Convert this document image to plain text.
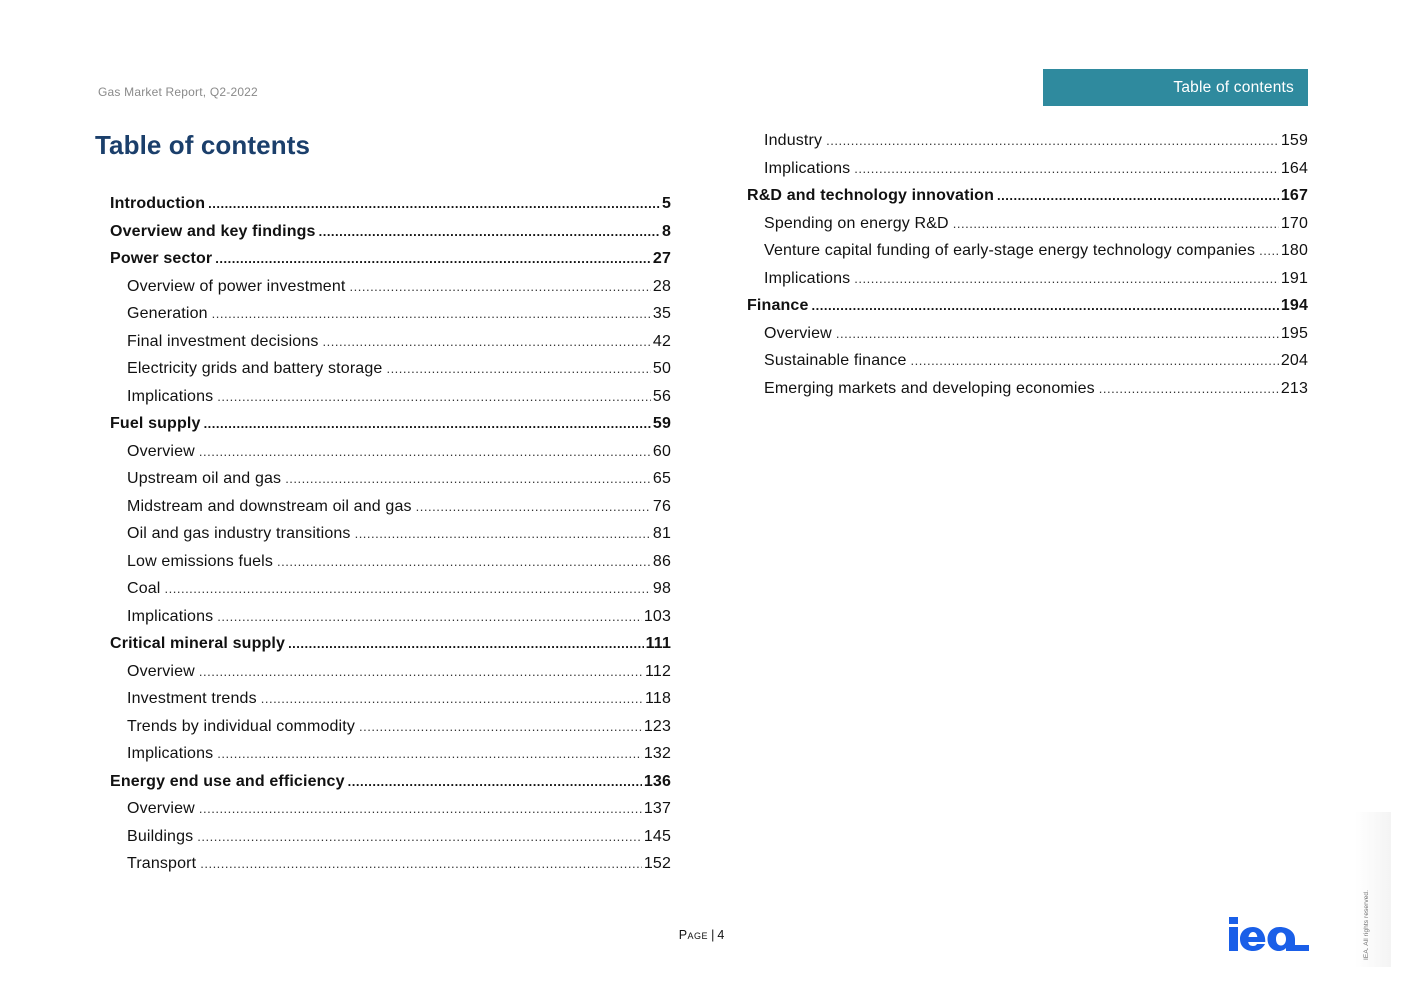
Gas Market Report, Q2-2022	Table of contents
Table of contents
Introduction .....	5
Overview and key findings .....	8
Power sector .....	27
Overview of power investment .....	28
Generation .....	35
Final investment decisions .....	42
Electricity grids and battery storage .....	50
Implications .....	56
Fuel supply .....	59
Overview .....	60
Upstream oil and gas .....	65
Midstream and downstream oil and gas .....	76
Oil and gas industry transitions .....	81
Low emissions fuels .....	86
Coal .....	98
Implications .....	103
Critical mineral supply .....	111
Overview .....	112
Investment trends .....	118
Trends by individual commodity .....	123
Implications .....	132
Energy end use and efficiency .....	136
Overview .....	137
Buildings .....	145
Transport .....	152
Industry .....	159
Implications .....	164
R&D and technology innovation .....	167
Spending on energy R&D .....	170
Venture capital funding of early-stage energy technology companies ..... 180
Implications .....	191
Finance .....	194
Overview .....	195
Sustainable finance .....	204
Emerging markets and developing economies .....	213
Page | 4	IEA. All rights reserved.
